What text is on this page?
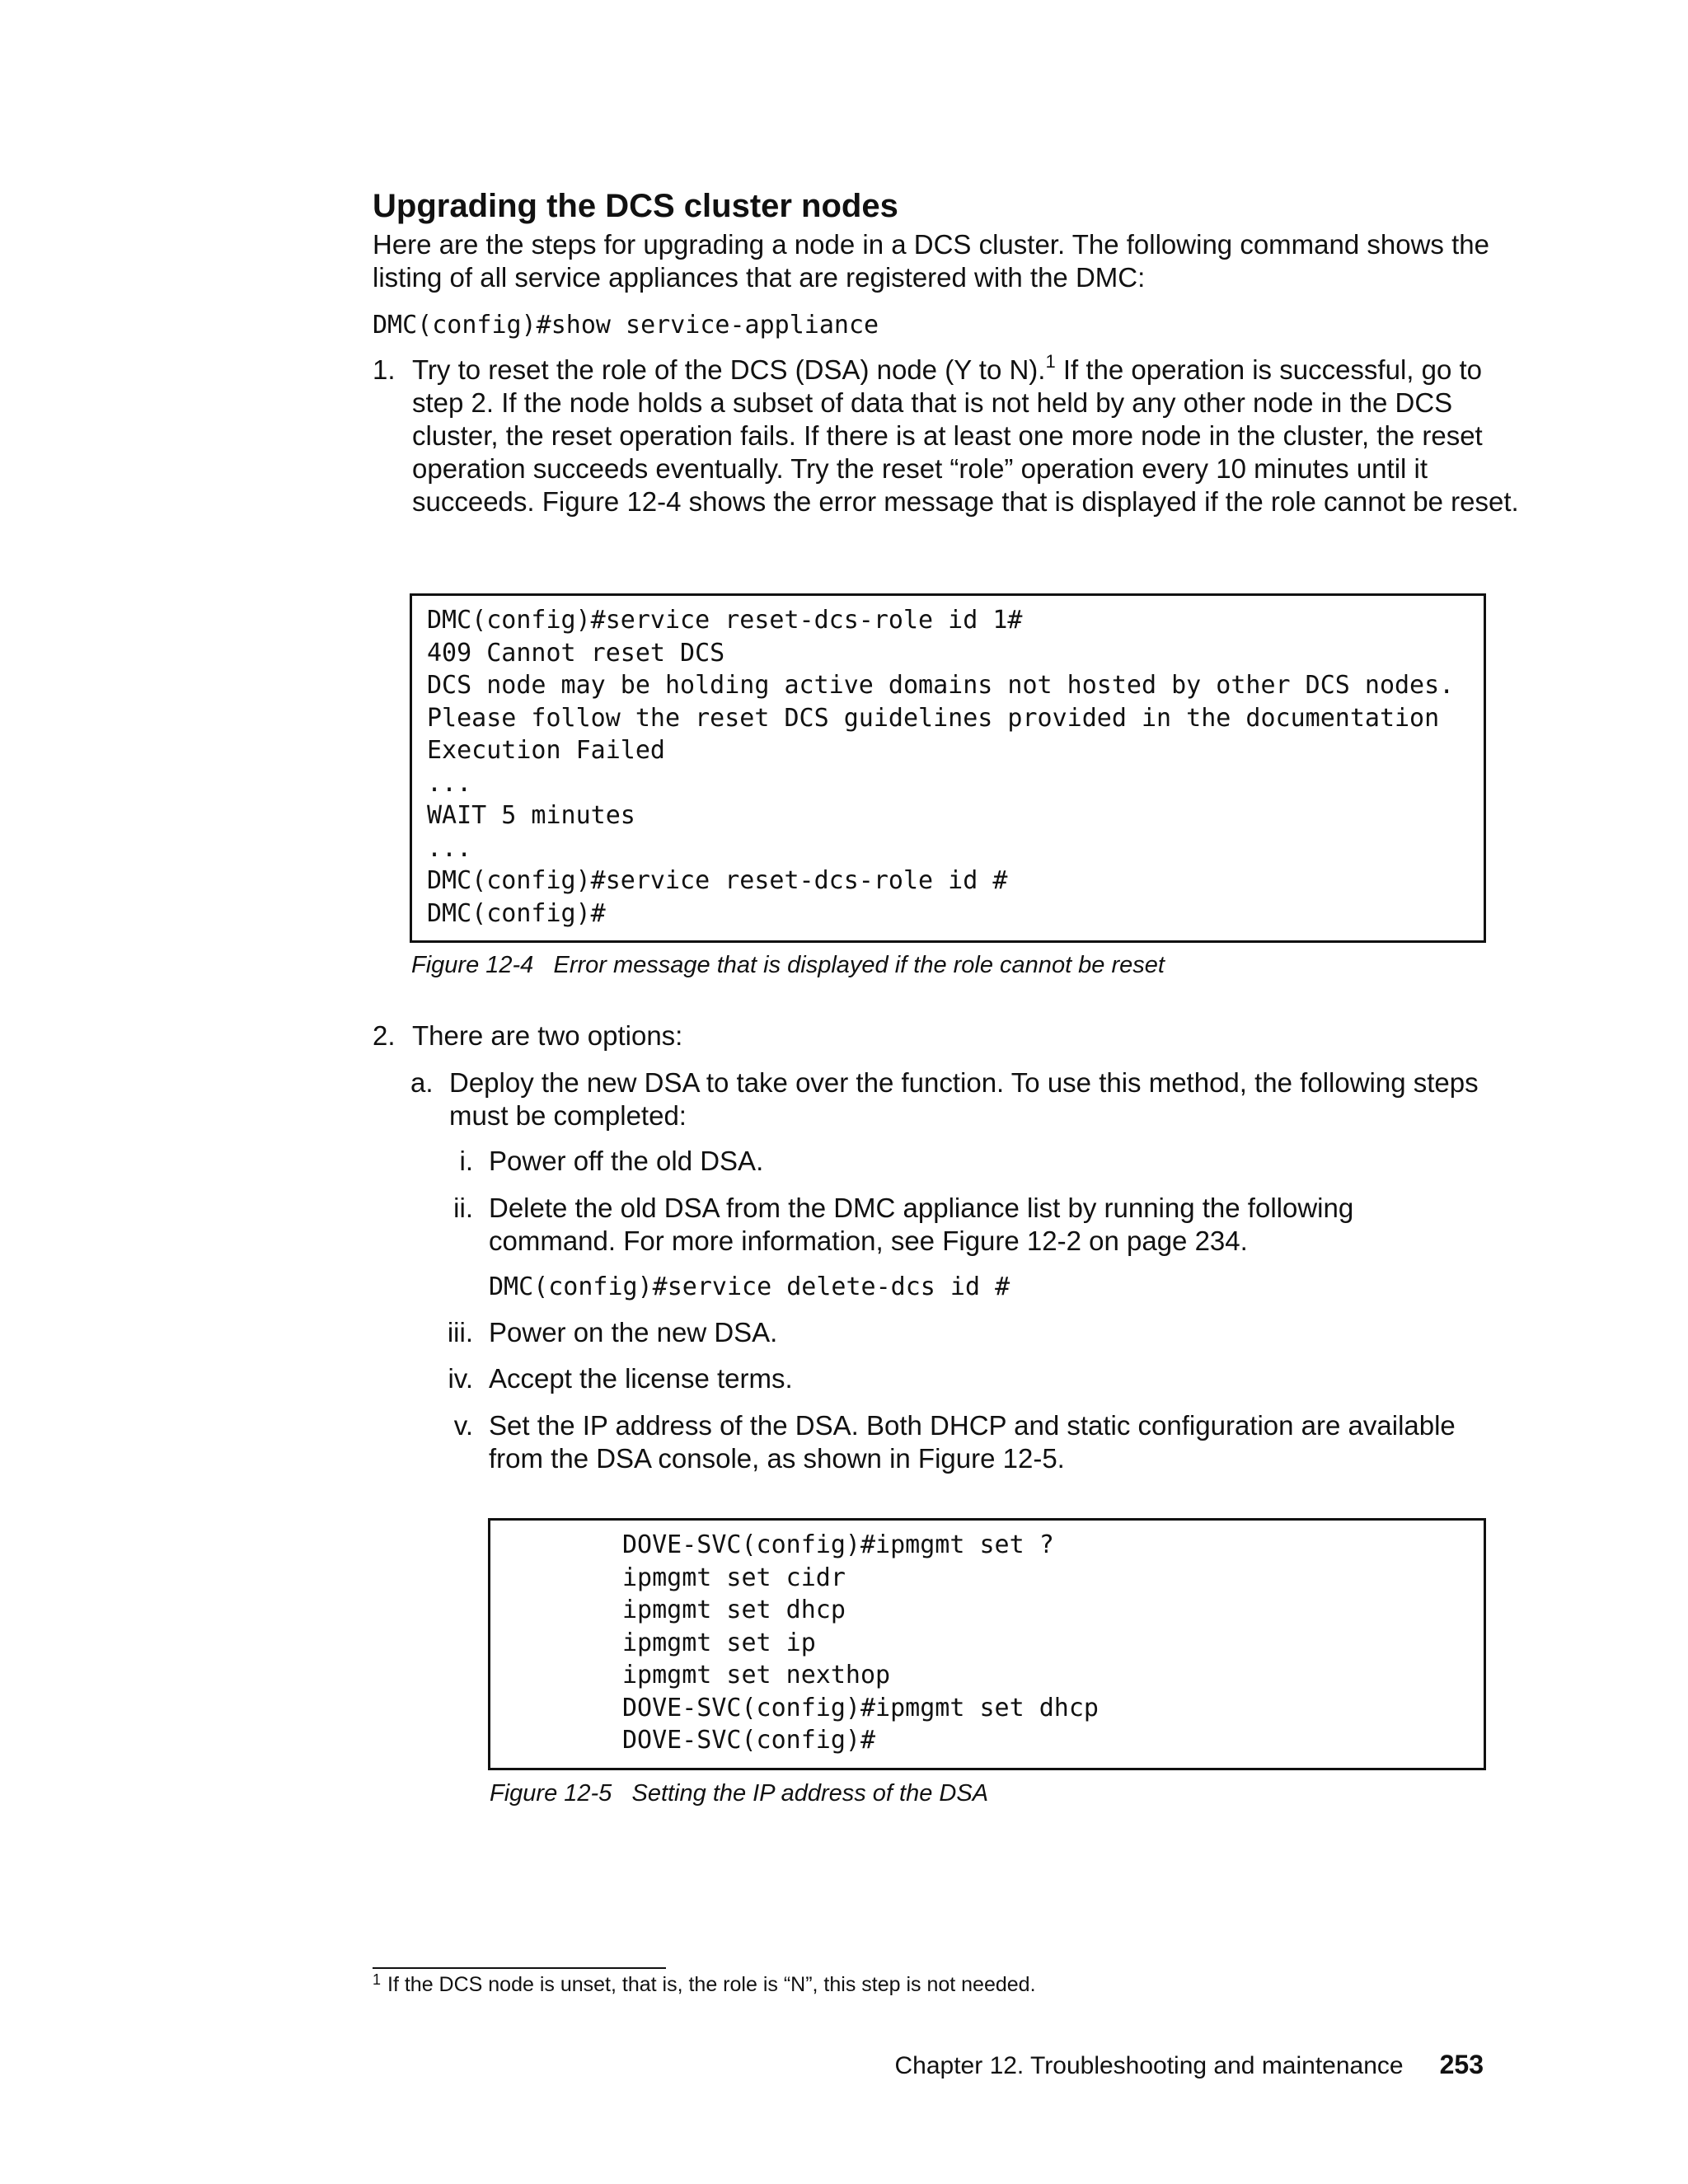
Upgrading the DCS cluster nodes

Here are the steps for upgrading a node in a DCS cluster. The following command shows the listing of all service appliances that are registered with the DMC:

DMC(config)#show service-appliance
1. Try to reset the role of the DCS (DSA) node (Y to N).$^1$ If the operation is successful, go to step 2. If the node holds a subset of data that is not held by any other node in the DCS cluster, the reset operation fails. If there is at least one more node in the cluster, the reset operation succeeds eventually. Try the reset “role” operation every 10 minutes until it succeeds. Figure 12-4 shows the error message that is displayed if the role cannot be reset.

DMC(config)#service reset-dcs-role id 1#
409 Cannot reset DCS
DCS node may be holding active domains not hosted by other DCS nodes.
Please follow the reset DCS guidelines provided in the documentation
Execution Failed
...
WAIT 5 minutes
...
DMC(config)#service reset-dcs-role id #
DMC(config)#
Figure 12-4   Error message that is displayed if the role cannot be reset
2. There are two options:

a. Deploy the new DSA to take over the function. To use this method, the following steps must be completed:

i. Power off the old DSA.

ii. Delete the old DSA from the DMC appliance list by running the following command. For more information, see Figure 12-2 on page 234.

DMC(config)#service delete-dcs id #
iii. Power on the new DSA.

iv. Accept the license terms.

v. Set the IP address of the DSA. Both DHCP and static configuration are available from the DSA console, as shown in Figure 12-5.

DOVE-SVC(config)#ipmgmt set ?
ipmgmt set cidr
ipmgmt set dhcp
ipmgmt set ip
ipmgmt set nexthop
DOVE-SVC(config)#ipmgmt set dhcp
DOVE-SVC(config)#
Figure 12-5   Setting the IP address of the DSA
$^1$ If the DCS node is unset, that is, the role is “N”, this step is not needed.
Chapter 12. Troubleshooting and maintenance 253
